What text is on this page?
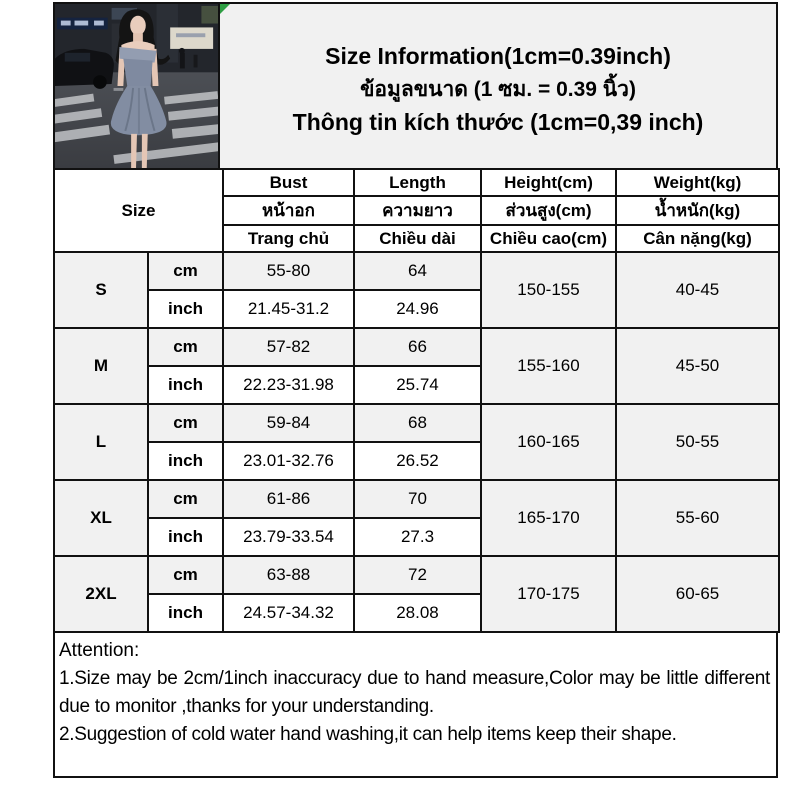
Size Information(1cm=0.39inch)
ข้อมูลขนาด (1 ซม. = 0.39 นิ้ว)
Thông tin kích thước (1cm=0,39 inch)
Size		Bust	Length	Height(cm)	Weight(kg)
		หน้าอก	ความยาว	ส่วนสูง(cm)	น้ำหนัก(kg)
		Trang chủ	Chiều dài	Chiều cao(cm)	Cân nặng(kg)
S	cm	55-80	64	150-155	40-45
	inch	21.45-31.2	24.96		
M	cm	57-82	66	155-160	45-50
	inch	22.23-31.98	25.74		
L	cm	59-84	68	160-165	50-55
	inch	23.01-32.76	26.52		
XL	cm	61-86	70	165-170	55-60
	inch	23.79-33.54	27.3		
2XL	cm	63-88	72	170-175	60-65
	inch	24.57-34.32	28.08		
Attention:

1.Size may be 2cm/1inch inaccuracy due to hand measure,Color may be little different due to monitor ,thanks for your understanding.

2.Suggestion of cold water hand washing,it can help items keep their shape.
